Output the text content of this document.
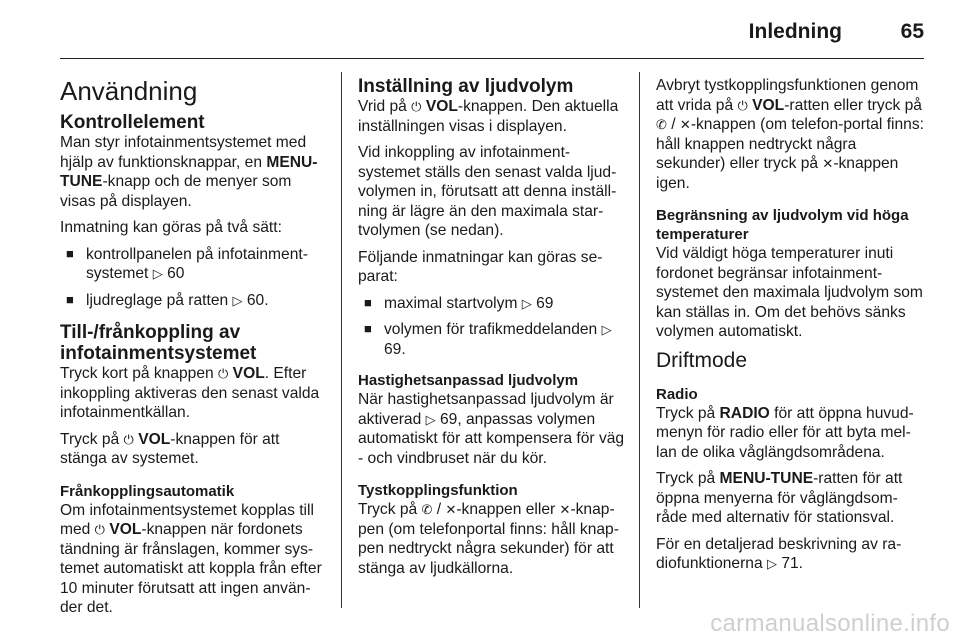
Inledning	65
Användning
Kontrollelement

Man styr infotainmentsystemet med hjälp av funktionsknappar, en MENU-TUNE-knapp och de menyer som visas på displayen.

Inmatning kan göras på två sätt:

■ kontrollpanelen på infotainment-systemet ▷ 60
■ ljudreglage på ratten ▷ 60.
Till-/frånkoppling av infotainmentsystemet

Tryck kort på knappen ⏻ VOL. Efter inkoppling aktiveras den senast valda infotainmentkällan.

Tryck på ⏻ VOL-knappen för att stänga av systemet.

Frånkopplingsautomatik

Om infotainmentsystemet kopplas till med ⏻ VOL-knappen när fordonets tändning är frånslagen, kommer sys-temet automatiskt att koppla från efter 10 minuter förutsatt att ingen använ-der det.

Inställning av ljudvolym

Vrid på ⏻ VOL-knappen. Den aktuella inställningen visas i displayen.

Vid inkoppling av infotainment-systemet ställs den senast valda ljud-volymen in, förutsatt att denna inställ-ning är lägre än den maximala star-tvolymen (se nedan).

Följande inmatningar kan göras se-parat:

■ maximal startvolym ▷ 69
■ volymen för trafikmeddelanden ▷ 69.
Hastighetsanpassad ljudvolym

När hastighetsanpassad ljudvolym är aktiverad ▷ 69, anpassas volymen automatiskt för att kompensera för väg - och vindbruset när du kör.

Tystkopplingsfunktion

Tryck på ✆ / ✕-knappen eller ✕-knap-pen (om telefonportal finns: håll knap-pen nedtryckt några sekunder) för att stänga av ljudkällorna.

Avbryt tystkopplingsfunktionen genom att vrida på ⏻ VOL-ratten eller tryck på ✆ / ✕-knappen (om telefon-portal finns: håll knappen nedtryckt några sekunder) eller tryck på ✕-knappen igen.

Begränsning av ljudvolym vid höga temperaturer

Vid väldigt höga temperaturer inuti fordonet begränsar infotainment-systemet den maximala ljudvolym som kan ställas in. Om det behövs sänks volymen automatiskt.

Driftmode
Radio

Tryck på RADIO för att öppna huvud-menyn för radio eller för att byta mel-lan de olika våglängdsområdena.

Tryck på MENU-TUNE-ratten för att öppna menyerna för våglängdsom-råde med alternativ för stationsval.

För en detaljerad beskrivning av ra-diofunktionerna ▷ 71.

carmanualsonline.info
